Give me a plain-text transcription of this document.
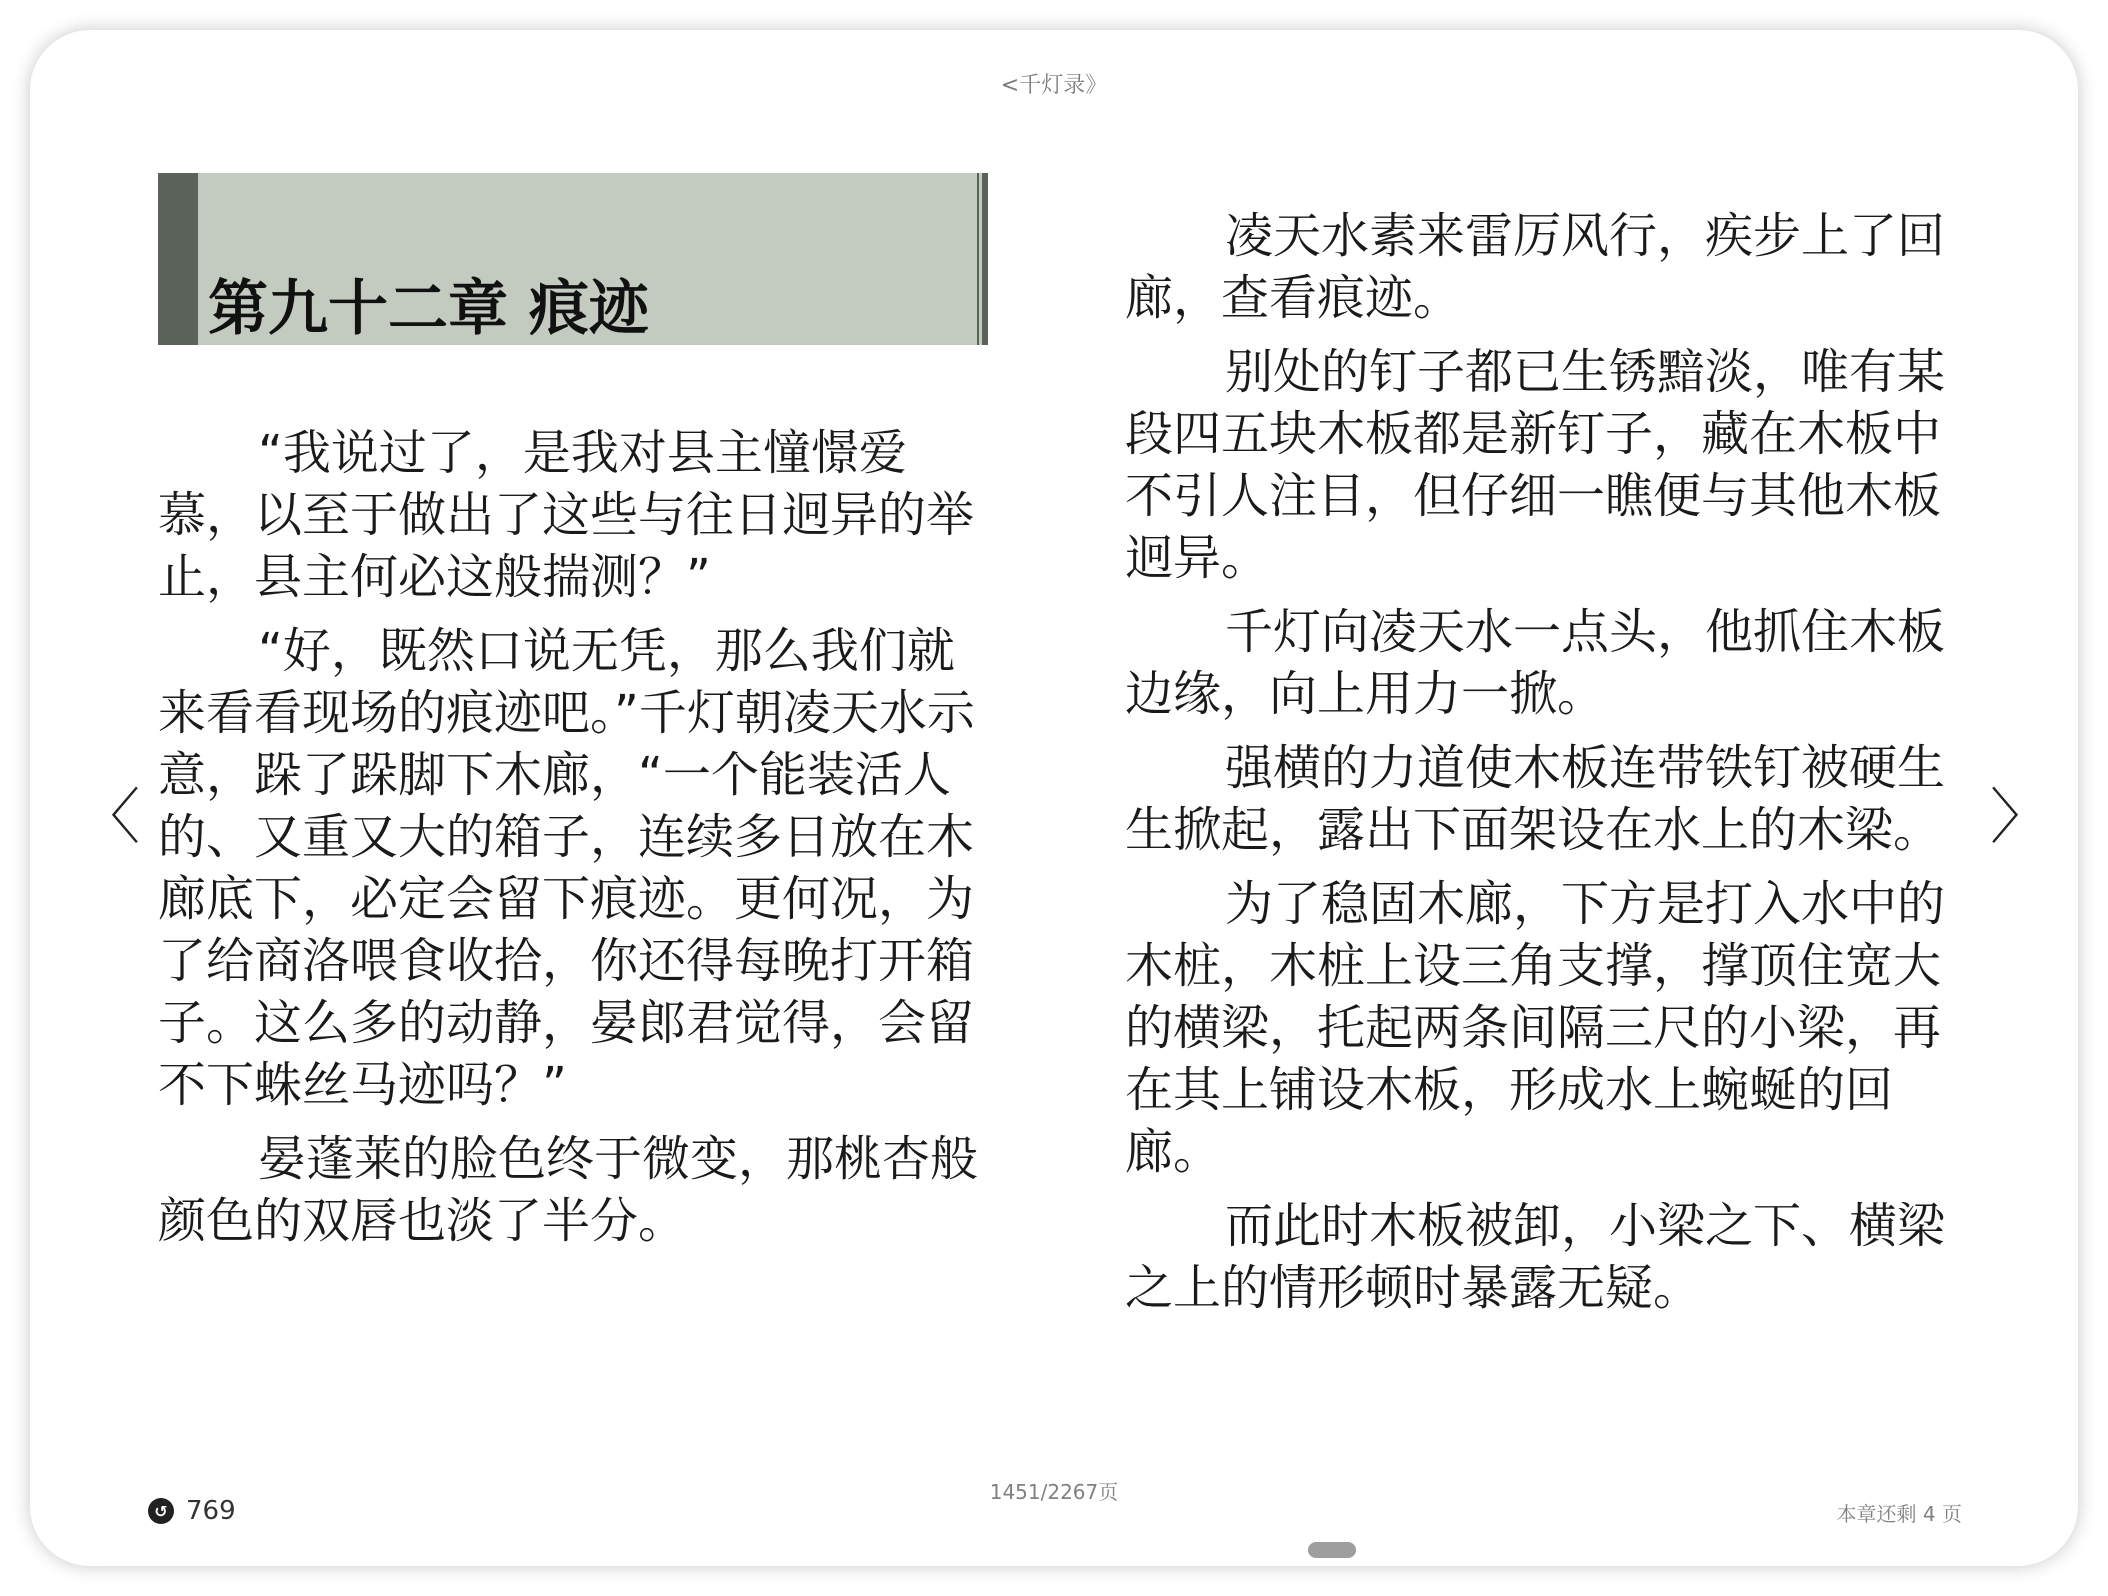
<千灯录》
第九十二章 痕迹

“我说过了，是我对县主憧憬爱慕，以至于做出了这些与往日迥异的举止，县主何必这般揣测？”

“好，既然口说无凭，那么我们就来看看现场的痕迹吧。”千灯朝凌天水示意，跺了跺脚下木廊，“一个能装活人的、又重又大的箱子，连续多日放在木廊底下，必定会留下痕迹。更何况，为了给商洛喂食收拾，你还得每晚打开箱子。这么多的动静，晏郎君觉得，会留不下蛛丝马迹吗？”

晏蓬莱的脸色终于微变，那桃杏般颜色的双唇也淡了半分。

凌天水素来雷厉风行，疾步上了回廊，查看痕迹。

别处的钉子都已生锈黯淡，唯有某段四五块木板都是新钉子，藏在木板中不引人注目，但仔细一瞧便与其他木板迥异。

千灯向凌天水一点头，他抓住木板边缘，向上用力一掀。

强横的力道使木板连带铁钉被硬生生掀起，露出下面架设在水上的木梁。

为了稳固木廊，下方是打入水中的木桩，木桩上设三角支撑，撑顶住宽大的横梁，托起两条间隔三尺的小梁，再在其上铺设木板，形成水上蜿蜒的回廊。

而此时木板被卸，小梁之下、横梁之上的情形顿时暴露无疑。

〈	〉
↺ 769
1451/2267页
本章还剩 4 页
